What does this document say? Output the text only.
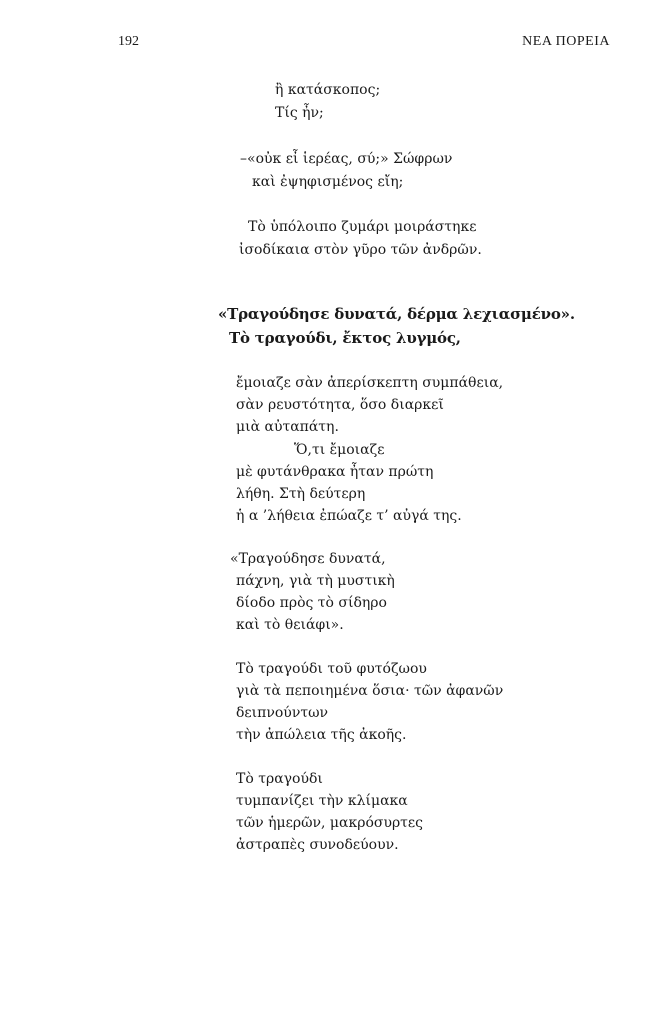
192	ΝΕΑ ΠΟΡΕΙΑ
ἢ κατάσκοπος;
Τίς ἦν;
–«οὐκ εἶ ἱερέας, σύ;» Σώφρων
καὶ ἐψηφισμένος εἴη;
Τὸ ὑπόλοιπο ζυμάρι μοιράστηκε
ἰσοδίκαια στὸν γῦρο τῶν ἀνδρῶν.
«Τραγούδησε δυνατά, δέρμα λεχιασμένο».
Τὸ τραγούδι, ἔκτος λυγμός,
ἔμοιαζε σὰν ἀπερίσκεπτη συμπάθεια,
σὰν ρευστότητα, ὅσο διαρκεῖ
μιὰ αὐταπάτη.
Ὅ,τι ἔμοιαζε
μὲ φυτάνθρακα ἦταν πρώτη
λήθη. Στὴ δεύτερη
ἡ α ’λήθεια ἐπώαζε τ’ αὐγά της.
«Τραγούδησε δυνατά,
πάχνη, γιὰ τὴ μυστικὴ
δίοδο πρὸς τὸ σίδηρο
καὶ τὸ θειάφι».
Τὸ τραγούδι τοῦ φυτόζωου
γιὰ τὰ πεποιημένα ὅσια· τῶν ἀφανῶν
δειπνούντων
τὴν ἀπώλεια τῆς ἀκοῆς.
Τὸ τραγούδι
τυμπανίζει τὴν κλίμακα
τῶν ἡμερῶν, μακρόσυρτες
ἀστραπὲς συνοδεύουν.
